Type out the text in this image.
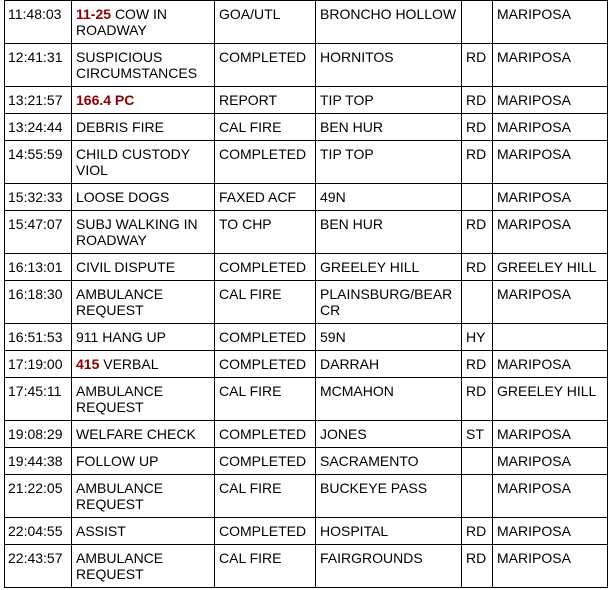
11:48:03	11-25 COW IN ROADWAY	GOA/UTL	BRONCHO HOLLOW		MARIPOSA
12:41:31	SUSPICIOUS CIRCUMSTANCES	COMPLETED	HORNITOS	RD	MARIPOSA
13:21:57	166.4 PC	REPORT	TIP TOP	RD	MARIPOSA
13:24:44	DEBRIS FIRE	CAL FIRE	BEN HUR	RD	MARIPOSA
14:55:59	CHILD CUSTODY VIOL	COMPLETED	TIP TOP	RD	MARIPOSA
15:32:33	LOOSE DOGS	FAXED ACF	49N		MARIPOSA
15:47:07	SUBJ WALKING IN ROADWAY	TO CHP	BEN HUR	RD	MARIPOSA
16:13:01	CIVIL DISPUTE	COMPLETED	GREELEY HILL	RD	GREELEY HILL
16:18:30	AMBULANCE REQUEST	CAL FIRE	PLAINSBURG/BEAR CR		MARIPOSA
16:51:53	911 HANG UP	COMPLETED	59N	HY	
17:19:00	415 VERBAL	COMPLETED	DARRAH	RD	MARIPOSA
17:45:11	AMBULANCE REQUEST	CAL FIRE	MCMAHON	RD	GREELEY HILL
19:08:29	WELFARE CHECK	COMPLETED	JONES	ST	MARIPOSA
19:44:38	FOLLOW UP	COMPLETED	SACRAMENTO		MARIPOSA
21:22:05	AMBULANCE REQUEST	CAL FIRE	BUCKEYE PASS		MARIPOSA
22:04:55	ASSIST	COMPLETED	HOSPITAL	RD	MARIPOSA
22:43:57	AMBULANCE REQUEST	CAL FIRE	FAIRGROUNDS	RD	MARIPOSA
